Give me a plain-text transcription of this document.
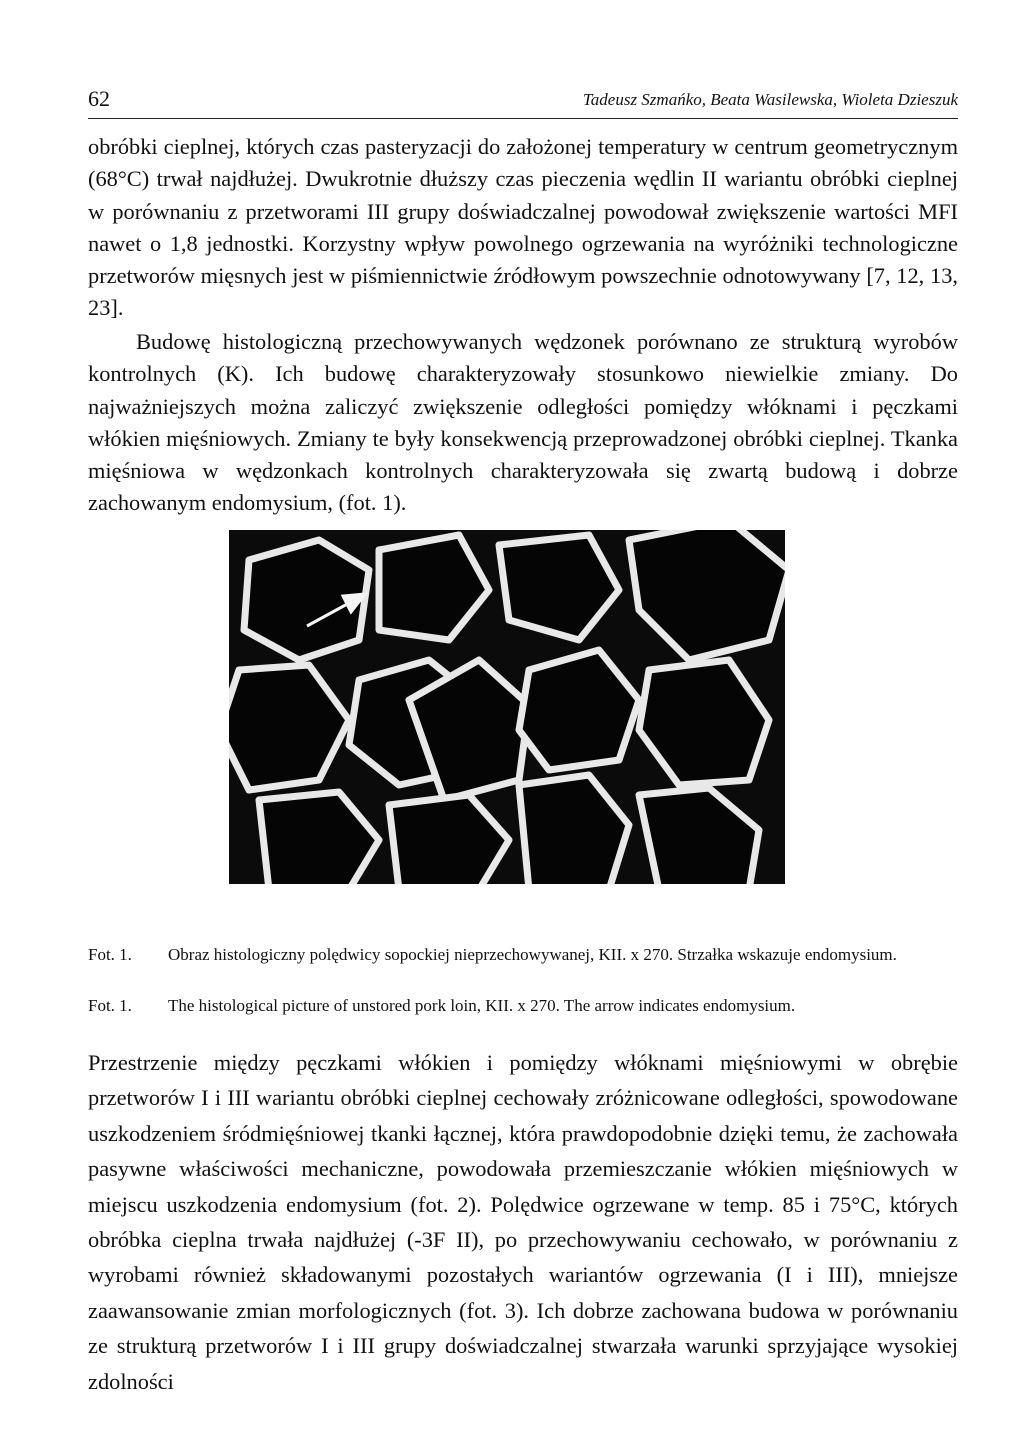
62	Tadeusz Szmańko, Beata Wasilewska, Wioleta Dzieszuk

obróbki cieplnej, których czas pasteryzacji do założonej temperatury w centrum geometrycznym (68°C) trwał najdłużej. Dwukrotnie dłuższy czas pieczenia wędlin II wariantu obróbki cieplnej w porównaniu z przetworami III grupy doświadczalnej powodował zwiększenie wartości MFI nawet o 1,8 jednostki. Korzystny wpływ powolnego ogrzewania na wyróżniki technologiczne przetworów mięsnych jest w piśmiennictwie źródłowym powszechnie odnotowywany [7, 12, 13, 23].

Budowę histologiczną przechowywanych wędzonek porównano ze strukturą wyrobów kontrolnych (K). Ich budowę charakteryzowały stosunkowo niewielkie zmiany. Do najważniejszych można zaliczyć zwiększenie odległości pomiędzy włóknami i pęczkami włókien mięśniowych. Zmiany te były konsekwencją przeprowadzonej obróbki cieplnej. Tkanka mięśniowa w wędzonkach kontrolnych charakteryzowała się zwartą budową i dobrze zachowanym endomysium, (fot. 1).

Fot. 1. Obraz histologiczny polędwicy sopockiej nieprzechowywanej, KII. x 270. Strzałka wskazuje endomysium.
Fot. 1. The histological picture of unstored pork loin, KII. x 270. The arrow indicates endomysium.

Przestrzenie między pęczkami włókien i pomiędzy włóknami mięśniowymi w obrębie przetworów I i III wariantu obróbki cieplnej cechowały zróżnicowane odległości, spowodowane uszkodzeniem śródmięśniowej tkanki łącznej, która prawdopodobnie dzięki temu, że zachowała pasywne właściwości mechaniczne, powodowała przemieszczanie włókien mięśniowych w miejscu uszkodzenia endomysium (fot. 2). Polędwice ogrzewane w temp. 85 i 75°C, których obróbka cieplna trwała najdłużej (-3F II), po przechowywaniu cechowało, w porównaniu z wyrobami również składowanymi pozostałych wariantów ogrzewania (I i III), mniejsze zaawansowanie zmian morfologicznych (fot. 3). Ich dobrze zachowana budowa w porównaniu ze strukturą przetworów I i III grupy doświadczalnej stwarzała warunki sprzyjające wysokiej zdolności
